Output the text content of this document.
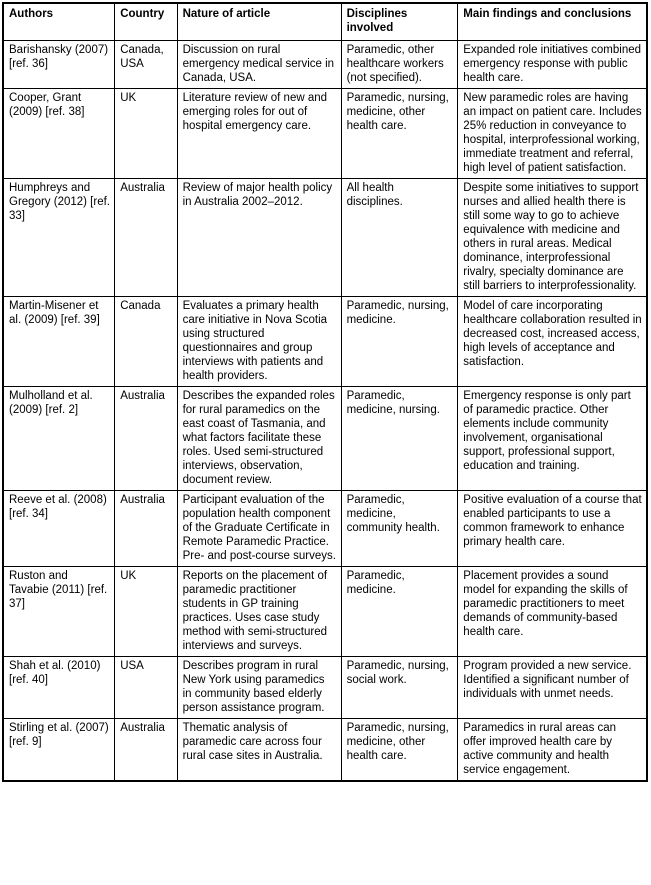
Authors	Country	Nature of article	Disciplines involved	Main findings and conclusions
Barishansky (2007) [ref. 36]	Canada, USA	Discussion on rural emergency medical service in Canada, USA.	Paramedic, other healthcare workers (not specified).	Expanded role initiatives combined emergency response with public health care.
Cooper, Grant (2009) [ref. 38]	UK	Literature review of new and emerging roles for out of hospital emergency care.	Paramedic, nursing, medicine, other health care.	New paramedic roles are having an impact on patient care. Includes 25% reduction in conveyance to hospital, interprofessional working, immediate treatment and referral, high level of patient satisfaction.
Humphreys and Gregory (2012) [ref. 33]	Australia	Review of major health policy in Australia 2002–2012.	All health disciplines.	Despite some initiatives to support nurses and allied health there is still some way to go to achieve equivalence with medicine and others in rural areas. Medical dominance, interprofessional rivalry, specialty dominance are still barriers to interprofessionality.
Martin-Misener et al. (2009) [ref. 39]	Canada	Evaluates a primary health care initiative in Nova Scotia using structured questionnaires and group interviews with patients and health providers.	Paramedic, nursing, medicine.	Model of care incorporating healthcare collaboration resulted in decreased cost, increased access, high levels of acceptance and satisfaction.
Mulholland et al. (2009) [ref. 2]	Australia	Describes the expanded roles for rural paramedics on the east coast of Tasmania, and what factors facilitate these roles. Used semi-structured interviews, observation, document review.	Paramedic, medicine, nursing.	Emergency response is only part of paramedic practice. Other elements include community involvement, organisational support, professional support, education and training.
Reeve et al. (2008) [ref. 34]	Australia	Participant evaluation of the population health component of the Graduate Certificate in Remote Paramedic Practice. Pre- and post-course surveys.	Paramedic, medicine, community health.	Positive evaluation of a course that enabled participants to use a common framework to enhance primary health care.
Ruston and Tavabie (2011) [ref. 37]	UK	Reports on the placement of paramedic practitioner students in GP training practices. Uses case study method with semi-structured interviews and surveys.	Paramedic, medicine.	Placement provides a sound model for expanding the skills of paramedic practitioners to meet demands of community-based health care.
Shah et al. (2010) [ref. 40]	USA	Describes program in rural New York using paramedics in community based elderly person assistance program.	Paramedic, nursing, social work.	Program provided a new service. Identified a significant number of individuals with unmet needs.
Stirling et al. (2007) [ref. 9]	Australia	Thematic analysis of paramedic care across four rural case sites in Australia.	Paramedic, nursing, medicine, other health care.	Paramedics in rural areas can offer improved health care by active community and health service engagement.
